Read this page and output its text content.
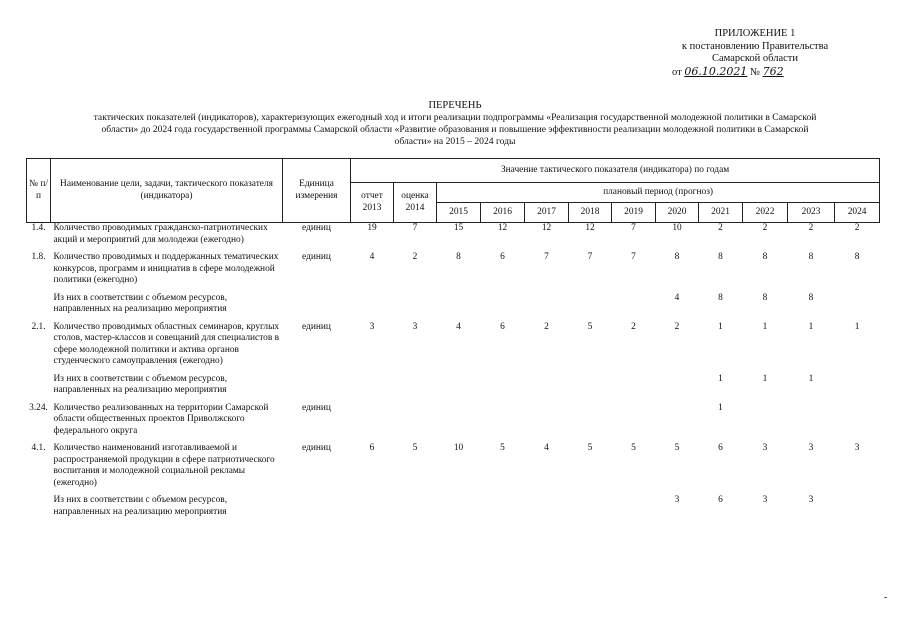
ПРИЛОЖЕНИЕ 1
к постановлению Правительства
Самарской области
от 06.10.2021 № 762
ПЕРЕЧЕНЬ
тактических показателей (индикаторов), характеризующих ежегодный ход и итоги реализации подпрограммы «Реализация государственной молодежной политики в Самарской
области» до 2024 года государственной программы Самарской области «Развитие образования и повышение эффективности реализации молодежной политики в Самарской
области» на 2015 – 2024 годы
№ п/п	Наименование цели, задачи, тактического показателя (индикатора)	Единица измерения	Значение тактического показателя (индикатора) по годам											
			отчет 2013	оценка 2014	плановый период (прогноз)									
					2015	2016	2017	2018	2019	2020	2021	2022	2023	2024
1.4.	Количество проводимых гражданско-патриотических акций и мероприятий для молодежи (ежегодно)	единиц	19	7	15	12	12	12	7	10	2	2	2	2

1.8.	Количество проводимых и поддержанных тематических конкурсов, программ и инициатив в сфере молодежной политики (ежегодно)	единиц	4	2	8	6	7	7	7	8	8	8	8	8

	Из них в соответствии с объемом ресурсов, направленных на реализацию мероприятия									4	8	8	8	

2.1.	Количество проводимых областных семинаров, круглых столов, мастер-классов и совещаний для специалистов в сфере молодежной политики и актива органов студенческого самоуправления (ежегодно)	единиц	3	3	4	6	2	5	2	2	1	1	1	1

	Из них в соответствии с объемом ресурсов, направленных на реализацию мероприятия										1	1	1	

3.24.	Количество реализованных на территории Самарской области общественных проектов Приволжского федерального округа	единиц									1			

4.1.	Количество наименований изготавливаемой и распространяемой продукции в сфере патриотического воспитания и молодежной социальной рекламы (ежегодно)	единиц	6	5	10	5	4	5	5	5	6	3	3	3

	Из них в соответствии с объемом ресурсов, направленных на реализацию мероприятия									3	6	3	3	

-
